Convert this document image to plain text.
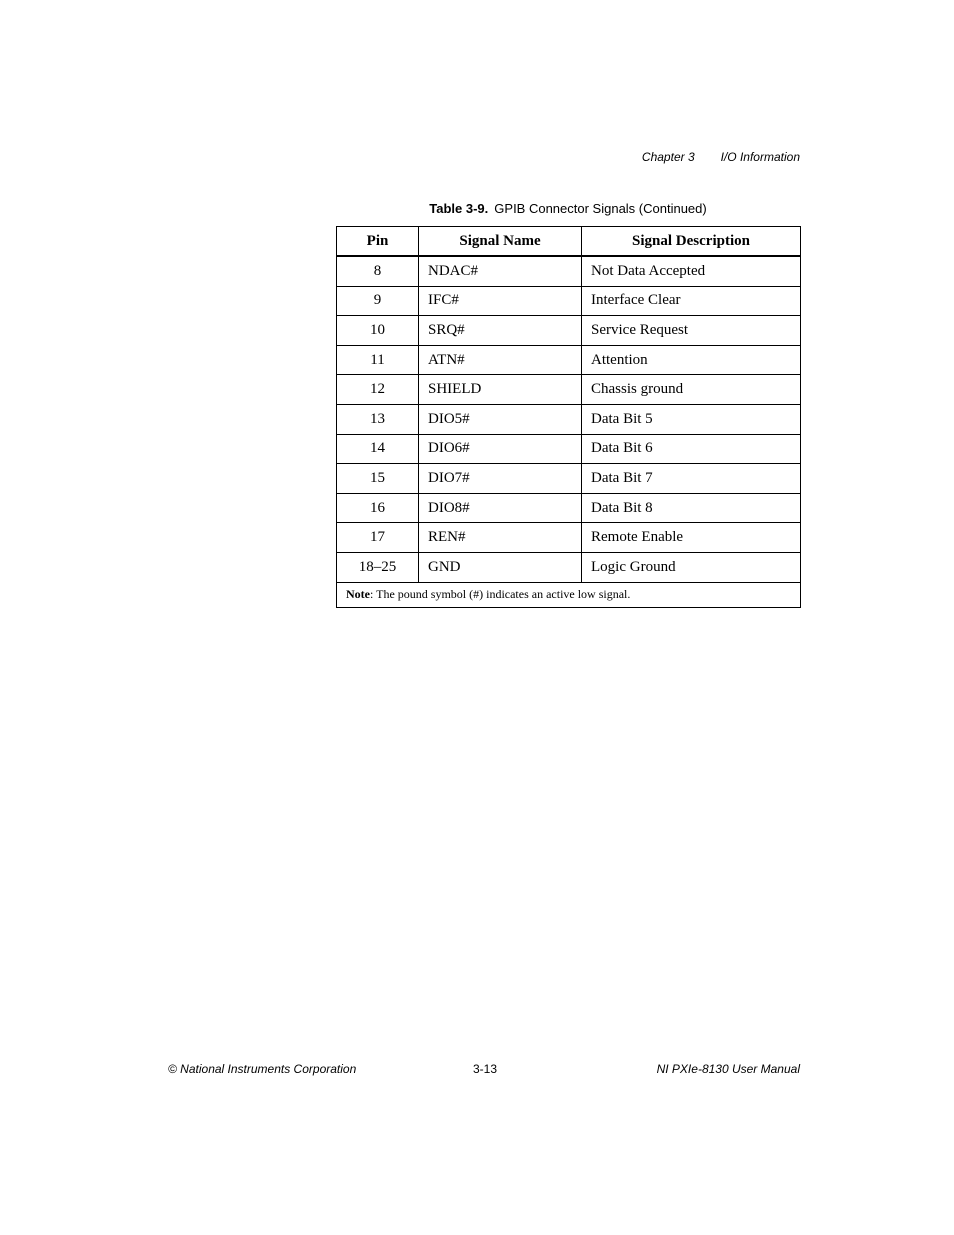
Chapter 3 I/O Information
Table 3-9. GPIB Connector Signals (Continued)
Pin	Signal Name	Signal Description

8	NDAC#	Not Data Accepted
9	IFC#	Interface Clear
10	SRQ#	Service Request
11	ATN#	Attention
12	SHIELD	Chassis ground
13	DIO5#	Data Bit 5
14	DIO6#	Data Bit 6
15	DIO7#	Data Bit 7
16	DIO8#	Data Bit 8
17	REN#	Remote Enable
18–25	GND	Logic Ground
Note: The pound symbol (#) indicates an active low signal.		
© National Instruments Corporation	3-13	NI PXIe-8130 User Manual
